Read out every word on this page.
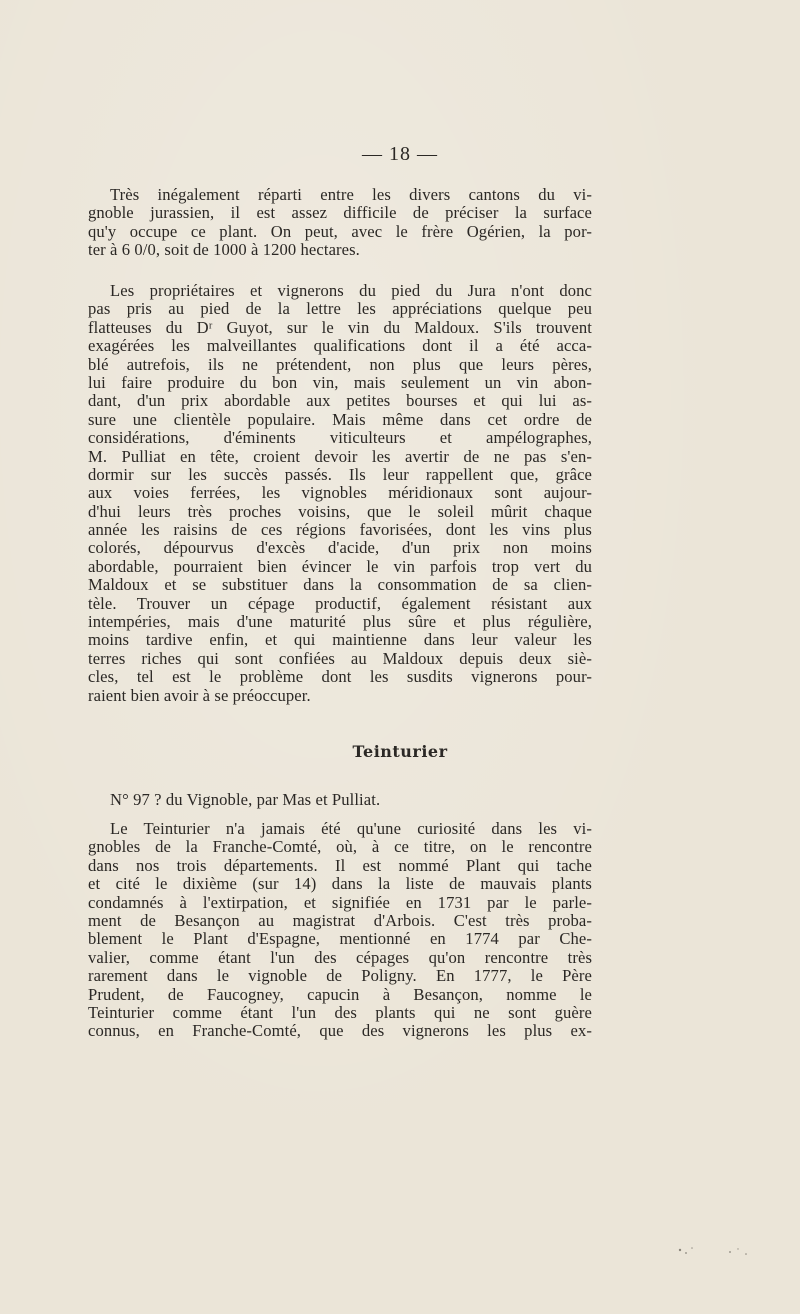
— 18 —
Très inégalement réparti entre les divers cantons du vi-
gnoble jurassien, il est assez difficile de préciser la surface
qu'y occupe ce plant. On peut, avec le frère Ogérien, la por-
ter à 6 0/0, soit de 1000 à 1200 hectares.
Les propriétaires et vignerons du pied du Jura n'ont donc
pas pris au pied de la lettre les appréciations quelque peu
flatteuses du Dʳ Guyot, sur le vin du Maldoux. S'ils trouvent
exagérées les malveillantes qualifications dont il a été acca-
blé autrefois, ils ne prétendent, non plus que leurs pères,
lui faire produire du bon vin, mais seulement un vin abon-
dant, d'un prix abordable aux petites bourses et qui lui as-
sure une clientèle populaire. Mais même dans cet ordre de
considérations, d'éminents viticulteurs et ampélographes,
M. Pulliat en tête, croient devoir les avertir de ne pas s'en-
dormir sur les succès passés. Ils leur rappellent que, grâce
aux voies ferrées, les vignobles méridionaux sont aujour-
d'hui leurs très proches voisins, que le soleil mûrit chaque
année les raisins de ces régions favorisées, dont les vins plus
colorés, dépourvus d'excès d'acide, d'un prix non moins
abordable, pourraient bien évincer le vin parfois trop vert du
Maldoux et se substituer dans la consommation de sa clien-
tèle. Trouver un cépage productif, également résistant aux
intempéries, mais d'une maturité plus sûre et plus régulière,
moins tardive enfin, et qui maintienne dans leur valeur les
terres riches qui sont confiées au Maldoux depuis deux siè-
cles, tel est le problème dont les susdits vignerons pour-
raient bien avoir à se préoccuper.
Teinturier
N° 97 ? du Vignoble, par Mas et Pulliat.
Le Teinturier n'a jamais été qu'une curiosité dans les vi-
gnobles de la Franche-Comté, où, à ce titre, on le rencontre
dans nos trois départements. Il est nommé Plant qui tache
et cité le dixième (sur 14) dans la liste de mauvais plants
condamnés à l'extirpation, et signifiée en 1731 par le parle-
ment de Besançon au magistrat d'Arbois. C'est très proba-
blement le Plant d'Espagne, mentionné en 1774 par Che-
valier, comme étant l'un des cépages qu'on rencontre très
rarement dans le vignoble de Poligny. En 1777, le Père
Prudent, de Faucogney, capucin à Besançon, nomme le
Teinturier comme étant l'un des plants qui ne sont guère
connus, en Franche-Comté, que des vignerons les plus ex-
